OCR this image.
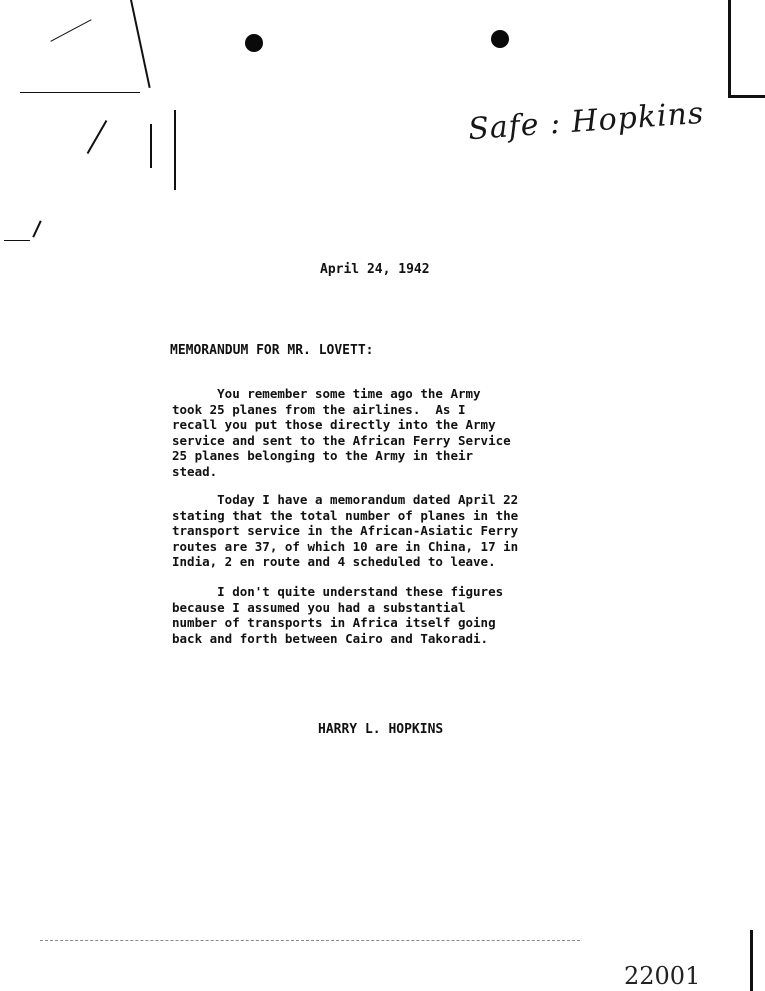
Safe : Hopkins
April 24, 1942
MEMORANDUM FOR MR. LOVETT:
You remember some time ago the Army
took 25 planes from the airlines.  As I
recall you put those directly into the Army
service and sent to the African Ferry Service
25 planes belonging to the Army in their
stead.
Today I have a memorandum dated April 22
stating that the total number of planes in the
transport service in the African-Asiatic Ferry
routes are 37, of which 10 are in China, 17 in
India, 2 en route and 4 scheduled to leave.
I don't quite understand these figures
because I assumed you had a substantial
number of transports in Africa itself going
back and forth between Cairo and Takoradi.
HARRY L. HOPKINS
22001
